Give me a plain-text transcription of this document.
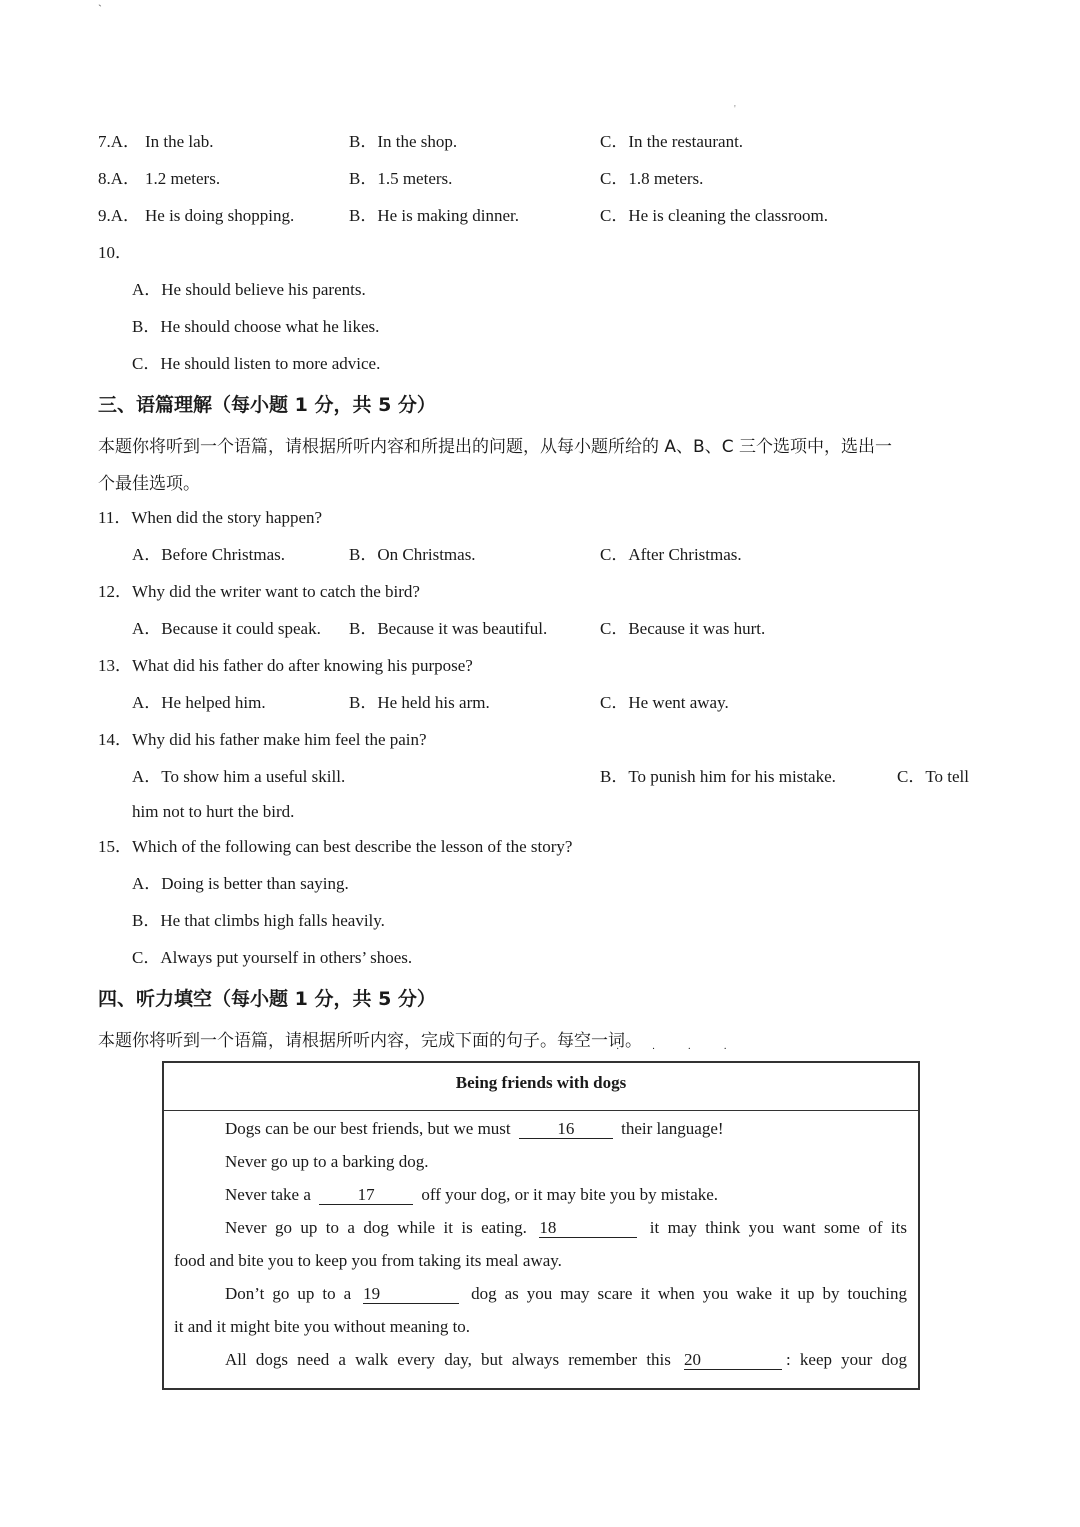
`
'
7.A． In the lab.	B．In the shop.	C．In the restaurant.
8.A． 1.2 meters.	B．1.5 meters.	C．1.8 meters.
9.A． He is doing shopping.	B．He is making dinner.	C．He is cleaning the classroom.
10．
A．He should believe his parents.
B．He should choose what he likes.
C．He should listen to more advice.
三、语篇理解（每小题 1 分，共 5 分）
本题你将听到一个语篇，请根据所听内容和所提出的问题，从每小题所给的 A、B、C 三个选项中，选出一
个最佳选项。
11．When did the story happen?
A．Before Christmas.	B．On Christmas.	C．After Christmas.
12．Why did the writer want to catch the bird?
A．Because it could speak. B．Because it was beautiful.	C．Because it was hurt.
13．What did his father do after knowing his purpose?
A．He helped him.	B．He held his arm.	C．He went away.
14．Why did his father make him feel the pain?
A．To show him a useful skill.	B．To punish him for his mistake.	C．To tell
him not to hurt the bird.
15．Which of the following can best describe the lesson of the story?
A．Doing is better than saying.
B．He that climbs high falls heavily.
C．Always put yourself in others’ shoes.
四、听力填空（每小题 1 分，共 5 分）
本题你将听到一个语篇，请根据所听内容，完成下面的句子。每空一词。
· · · ·
Being friends with dogs
Dogs can be our best friends, but we must	16	their language!
Never go up to a barking dog.
Never take a	17	off your dog, or it may bite you by mistake.
Never go up to a dog while it is eating. 18	it may think you want some of its
food and bite you to keep you from taking its meal away.
Don’t go up to a 19	dog as you may scare it when you wake it up by touching
it and it might bite you without meaning to.
All dogs need a walk every day, but always remember this 20	: keep your dog
